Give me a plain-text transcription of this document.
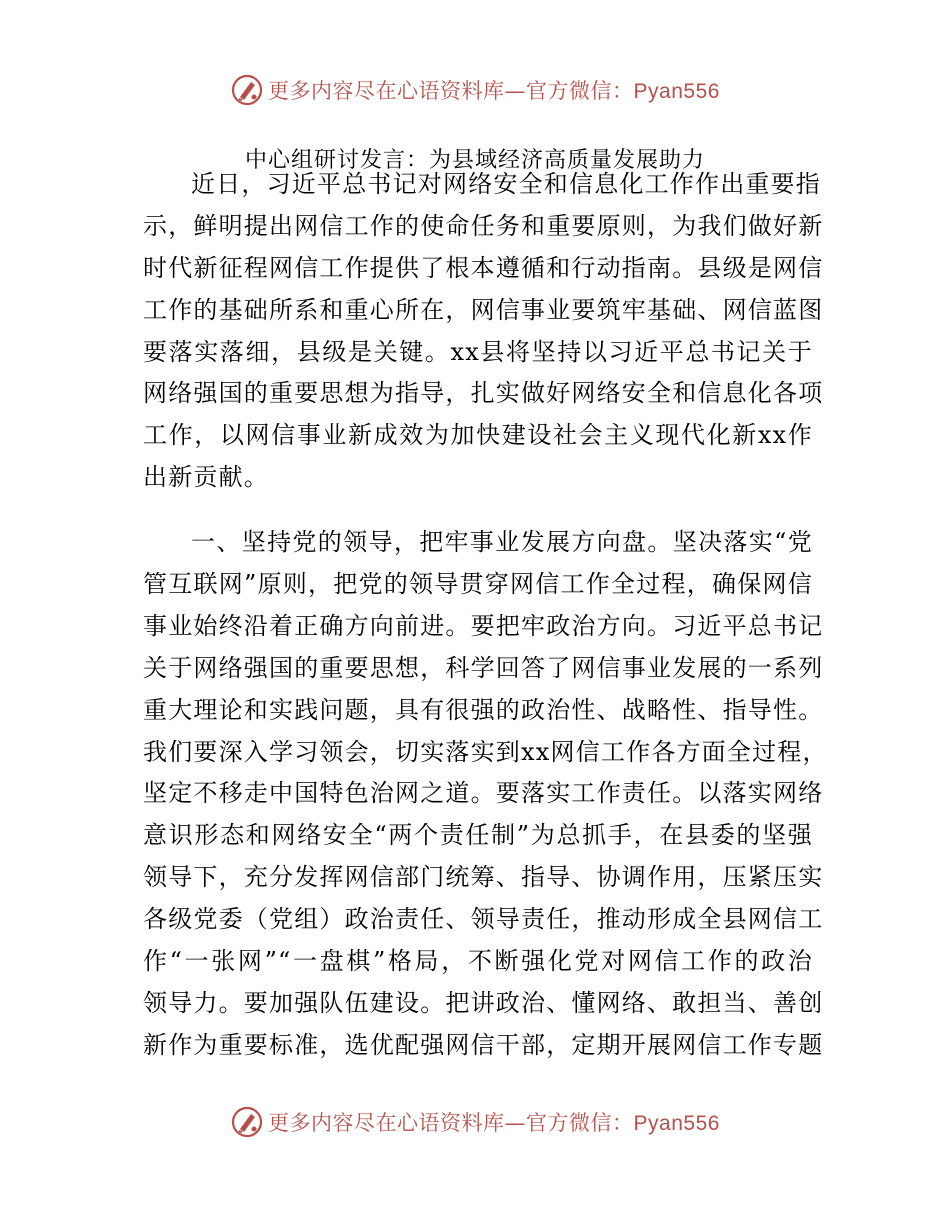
更多内容尽在心语资料库—官方微信：Pyan556
中心组研讨发言：为县域经济高质量发展助力
近日，习近平总书记对网络安全和信息化工作作出重要指
示，鲜明提出网信工作的使命任务和重要原则，为我们做好新
时代新征程网信工作提供了根本遵循和行动指南。县级是网信
工作的基础所系和重心所在，网信事业要筑牢基础、网信蓝图
要落实落细，县级是关键。xx县将坚持以习近平总书记关于
网络强国的重要思想为指导，扎实做好网络安全和信息化各项
工作，以网信事业新成效为加快建设社会主义现代化新xx作
出新贡献。
一、坚持党的领导，把牢事业发展方向盘。坚决落实“党
管互联网”原则，把党的领导贯穿网信工作全过程，确保网信
事业始终沿着正确方向前进。要把牢政治方向。习近平总书记
关于网络强国的重要思想，科学回答了网信事业发展的一系列
重大理论和实践问题，具有很强的政治性、战略性、指导性。
我们要深入学习领会，切实落实到xx网信工作各方面全过程，
坚定不移走中国特色治网之道。要落实工作责任。以落实网络
意识形态和网络安全“两个责任制”为总抓手，在县委的坚强
领导下，充分发挥网信部门统筹、指导、协调作用，压紧压实
各级党委（党组）政治责任、领导责任，推动形成全县网信工
作“一张网”“一盘棋”格局，不断强化党对网信工作的政治
领导力。要加强队伍建设。把讲政治、懂网络、敢担当、善创
新作为重要标准，选优配强网信干部，定期开展网信工作专题
更多内容尽在心语资料库—官方微信：Pyan556
